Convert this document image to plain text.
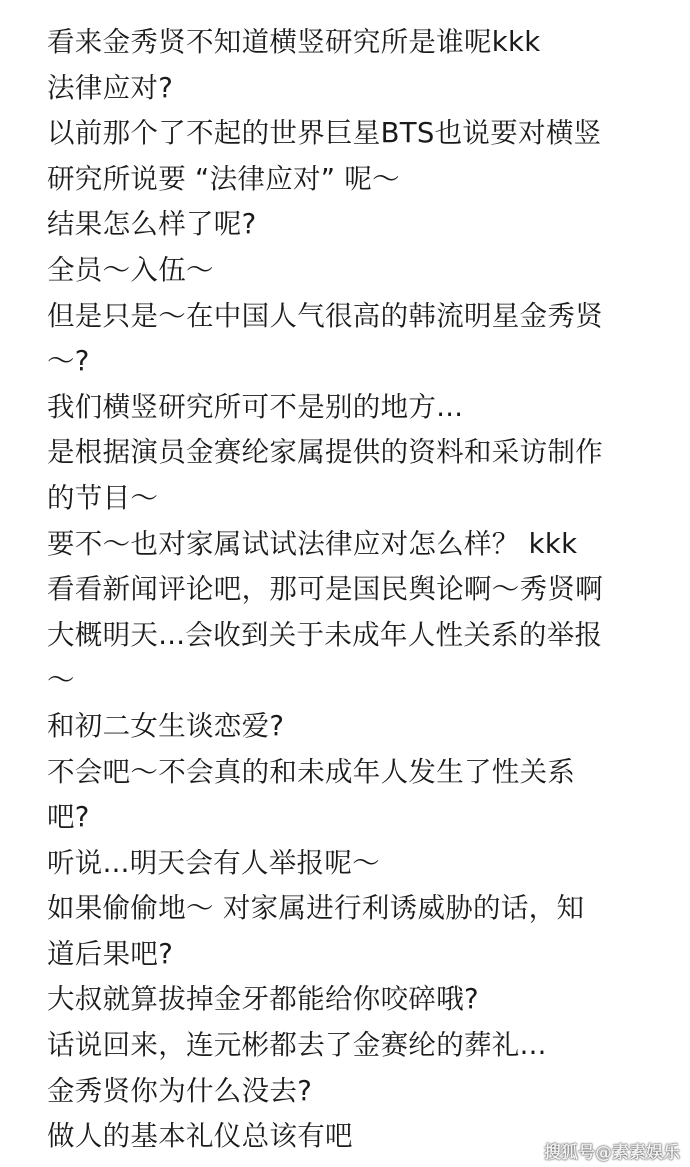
看来金秀贤不知道横竖研究所是谁呢kkk
法律应对?
以前那个了不起的世界巨星BTS也说要对横竖
研究所说要 “法律应对” 呢～
结果怎么样了呢?
全员～入伍～
但是只是～在中国人气很高的韩流明星金秀贤
～?
我们横竖研究所可不是别的地方...
是根据演员金赛纶家属提供的资料和采访制作
的节目～
要不～也对家属试试法律应对怎么样？ kkk
看看新闻评论吧，那可是国民舆论啊～秀贤啊
大概明天...会收到关于未成年人性关系的举报
～
和初二女生谈恋爱?
不会吧～不会真的和未成年人发生了性关系
吧?
听说...明天会有人举报呢～
如果偷偷地～ 对家属进行利诱威胁的话，知
道后果吧?
大叔就算拔掉金牙都能给你咬碎哦?
话说回来，连元彬都去了金赛纶的葬礼...
金秀贤你为什么没去?
做人的基本礼仪总该有吧
搜狐号@素素娱乐
